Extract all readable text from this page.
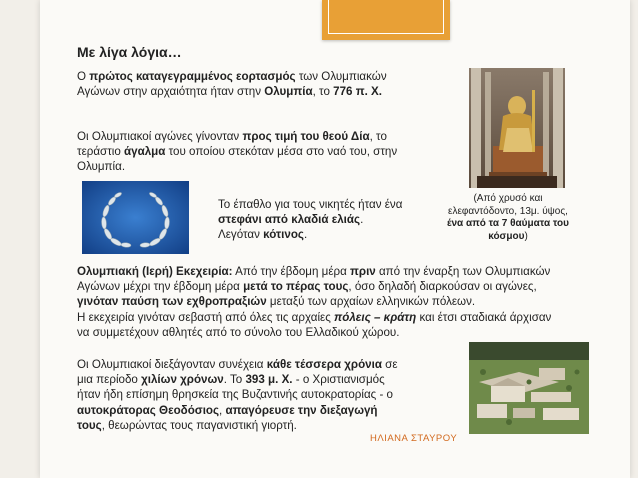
Με λίγα λόγια…
Ο πρώτος καταγεγραμμένος εορτασμός των Ολυμπιακών
Αγώνων στην αρχαιότητα ήταν στην Ολυμπία, το 776 π. Χ.
Οι Ολυμπιακοί αγώνες γίνονταν προς τιμή του θεού Δία, το
τεράστιο άγαλμα του οποίου στεκόταν μέσα στο ναό του, στην
Ολυμπία.
(Από χρυσό και
ελεφαντόδοντο, 13μ. ύψος,
ένα από τα 7 θαύματα του
κόσμου)
Το έπαθλο για τους νικητές ήταν ένα
στεφάνι από κλαδιά ελιάς.
Λεγόταν κότινος.
Ολυμπιακή (Ιερή) Εκεχειρία: Από την έβδομη μέρα πριν από την έναρξη των Ολυμπιακών
Αγώνων μέχρι την έβδομη μέρα μετά το πέρας τους, όσο δηλαδή διαρκούσαν οι αγώνες,
γινόταν παύση των εχθροπραξιών μεταξύ των αρχαίων ελληνικών πόλεων.
Η εκεχειρία γινόταν σεβαστή από όλες τις αρχαίες πόλεις – κράτη και έτσι σταδιακά άρχισαν
να συμμετέχουν αθλητές από το σύνολο του Ελλαδικού χώρου.
Οι Ολυμπιακοί διεξάγονταν συνέχεια κάθε τέσσερα χρόνια σε
μια περίοδο χιλίων χρόνων. Το 393 μ. Χ. - ο Χριστιανισμός
ήταν ήδη επίσημη θρησκεία της Βυζαντινής αυτοκρατορίας - ο
αυτοκράτορας Θεοδόσιος, απαγόρευσε την διεξαγωγή
τους, θεωρώντας τους παγανιστική γιορτή.
ΗΛΙΑΝΑ ΣΤΑΥΡΟΥ
